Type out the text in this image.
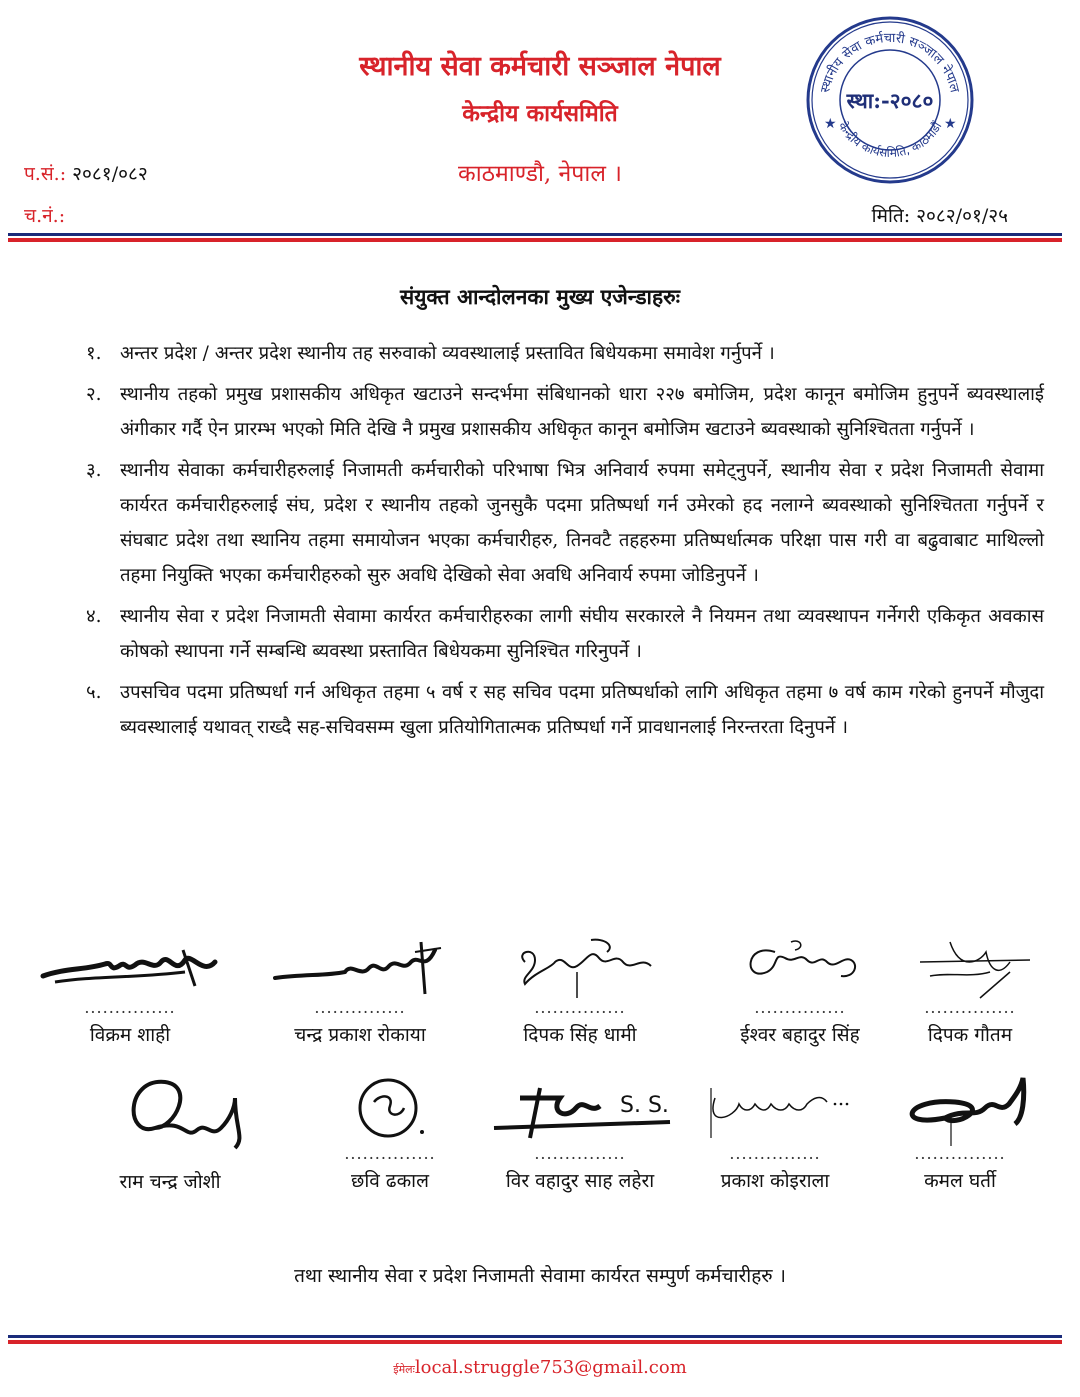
स्थानीय सेवा कर्मचारी सञ्जाल नेपाल
केन्द्रीय कार्यसमिति
काठमाण्डौ, नेपाल ।
प.सं.: २०८१/०८२
च.नं.:	मिति: २०८२/०१/२५
स्थानीय सेवा कर्मचारी सञ्जाल नेपाल
केन्द्रीय कार्यसमिति, काठमाडौं
स्था:-२०८०
★	★
संयुक्त आन्दोलनका मुख्य एजेन्डाहरुः
१. अन्तर प्रदेश / अन्तर प्रदेश स्थानीय तह सरुवाको व्यवस्थालाई प्रस्तावित बिधेयकमा समावेश गर्नुपर्ने ।
२. स्थानीय तहको प्रमुख प्रशासकीय अधिकृत खटाउने सन्दर्भमा संबिधानको धारा २२७ बमोजिम, प्रदेश कानून बमोजिम हुनुपर्ने ब्यवस्थालाई अंगीकार गर्दै ऐन प्रारम्भ भएको मिति देखि नै प्रमुख प्रशासकीय अधिकृत कानून बमोजिम खटाउने ब्यवस्थाको सुनिश्चितता गर्नुपर्ने ।
३. स्थानीय सेवाका कर्मचारीहरुलाई निजामती कर्मचारीको परिभाषा भित्र अनिवार्य रुपमा समेट्नुपर्ने, स्थानीय सेवा र प्रदेश निजामती सेवामा कार्यरत कर्मचारीहरुलाई संघ, प्रदेश र स्थानीय तहको जुनसुकै पदमा प्रतिष्पर्धा गर्न उमेरको हद नलाग्ने ब्यवस्थाको सुनिश्चितता गर्नुपर्ने र संघबाट प्रदेश तथा स्थानिय तहमा समायोजन भएका कर्मचारीहरु, तिनवटै तहहरुमा प्रतिष्पर्धात्मक परिक्षा पास गरी वा बढुवाबाट माथिल्लो तहमा नियुक्ति भएका कर्मचारीहरुको सुरु अवधि देखिको सेवा अवधि अनिवार्य रुपमा जोडिनुपर्ने ।
४. स्थानीय सेवा र प्रदेश निजामती सेवामा कार्यरत कर्मचारीहरुका लागी संघीय सरकारले नै नियमन तथा व्यवस्थापन गर्नेगरी एकिकृत अवकास कोषको स्थापना गर्ने सम्बन्धि ब्यवस्था प्रस्तावित बिधेयकमा सुनिश्चित गरिनुपर्ने ।
५. उपसचिव पदमा प्रतिष्पर्धा गर्न अधिकृत तहमा ५ वर्ष र सह सचिव पदमा प्रतिष्पर्धाको लागि अधिकृत तहमा ७ वर्ष काम गरेको हुनपर्ने मौजुदा ब्यवस्थालाई यथावत् राख्दै सह-सचिवसम्म खुला प्रतियोगितात्मक प्रतिष्पर्धा गर्ने प्रावधानलाई निरन्तरता दिनुपर्ने ।
...............
विक्रम शाही
...............
चन्द्र प्रकाश रोकाया
...............
दिपक सिंह धामी
...............
ईश्वर बहादुर सिंह
...............
दिपक गौतम
राम चन्द्र जोशी
...............
छवि ढकाल
S. S.
...............
विर वहादुर साह लहेरा
...............
प्रकाश कोइराला
...............
कमल घर्ती
तथा स्थानीय सेवा र प्रदेश निजामती सेवामा कार्यरत सम्पुर्ण कर्मचारीहरु ।
ईमेलःlocal.struggle753@gmail.com
